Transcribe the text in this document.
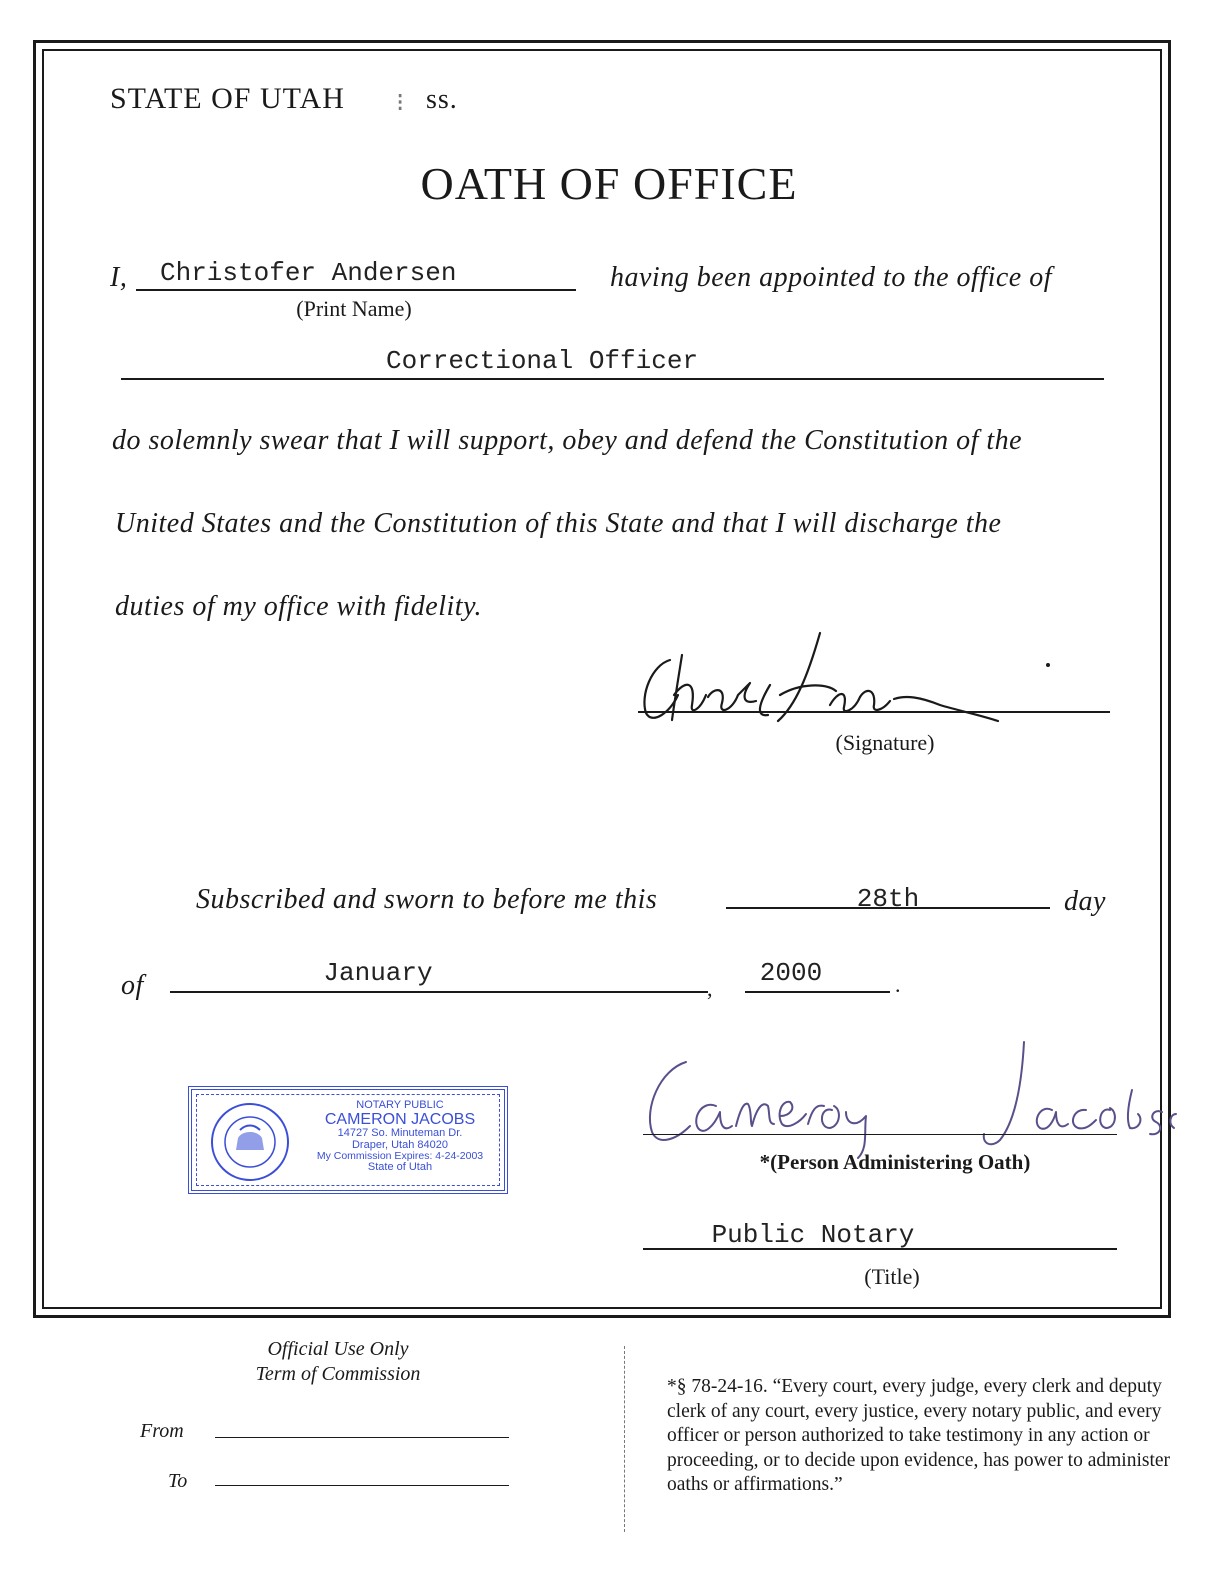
STATE OF UTAH ⁝ ss.
OATH OF OFFICE
I, Christofer Andersen
(Print Name)
having been appointed to the office of
Correctional Officer
do solemnly swear that I will support, obey and defend the Constitution of the
United States and the Constitution of this State and that I will discharge the
duties of my office with fidelity.
(Signature)
Subscribed and sworn to before me this	28th	day
of	January
,
2000	.
NOTARY PUBLIC
CAMERON JACOBS
14727 So. Minuteman Dr.
Draper, Utah 84020
My Commission Expires: 4-24-2003
State of Utah	*(Person Administering Oath)
Public Notary
(Title)
Official Use Only
Term of Commission
From
To
*§ 78-24-16. “Every court, every judge, every clerk and deputy clerk of any court, every justice, every notary public, and every officer or person authorized to take testimony in any action or proceeding, or to decide upon evidence, has power to administer oaths or affirmations.”
